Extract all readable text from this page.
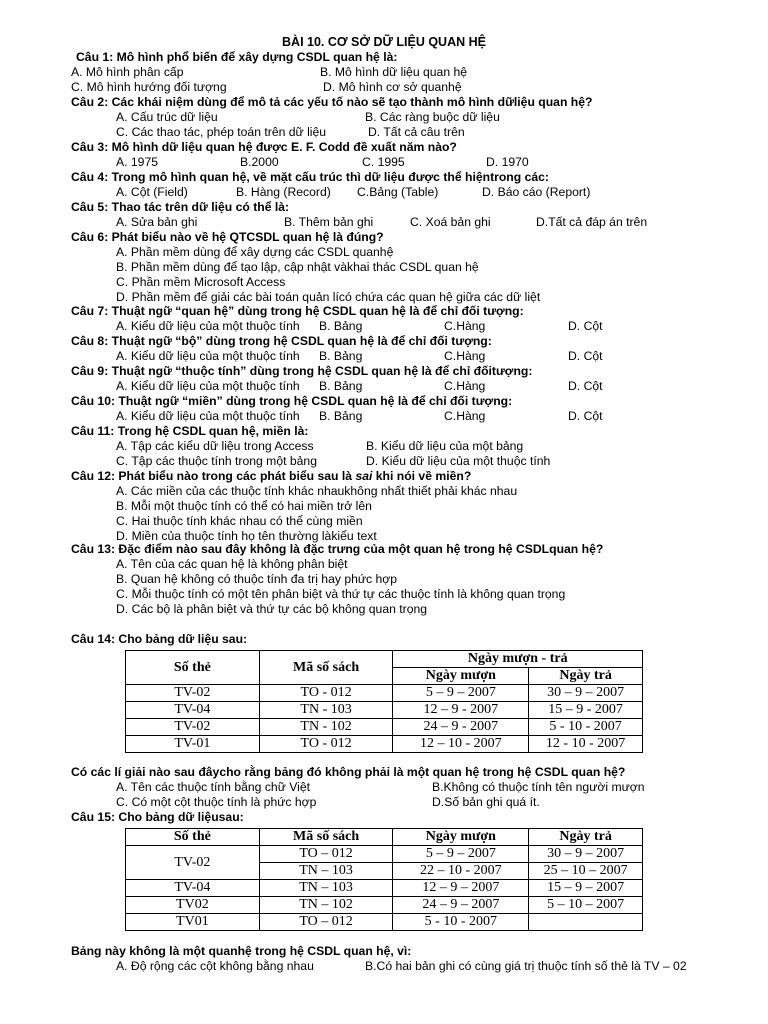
BÀI 10. CƠ SỞ DỮ LIỆU QUAN HỆ
Câu 1: Mô hình phổ biến để xây dựng CSDL quan hệ là:
A. Mô hình phân cấp	B. Mô hình dữ liệu quan hệ
C. Mô hình hướng đối tượng	D. Mô hình cơ sở quanhệ
Câu 2: Các khái niệm dùng để mô tả các yếu tố nào sẽ tạo thành mô hình dữliệu quan hệ?
A. Cấu trúc dữ liệu	B. Các ràng buộc dữ liệu
C. Các thao tác, phép toán trên dữ liệu	D. Tất cả câu trên
Câu 3: Mô hình dữ liệu quan hệ được E. F. Codd đề xuất năm nào?
A. 1975	B.2000	C. 1995	D. 1970
Câu 4: Trong mô hình quan hệ, về mặt cấu trúc thì dữ liệu được thể hiệntrong các:
A. Cột (Field)	B. Hàng (Record) C.Bảng (Table)	D. Báo cáo (Report)
Câu 5: Thao tác trên dữ liệu có thể là:
A. Sửa bản ghi	B. Thêm bản ghi	C. Xoá bản ghi	D.Tất cả đáp án trên
Câu 6: Phát biểu nào về hệ QTCSDL quan hệ là đúng?
A. Phần mềm dùng để xây dựng các CSDL quanhệ
B. Phần mềm dùng để tạo lập, cập nhật vàkhai thác CSDL quan hệ
C. Phần mềm Microsoft Access
D. Phần mềm để giải các bài toán quản lícó chứa các quan hệ giữa các dữ liệt
Câu 7: Thuật ngữ “quan hệ” dùng trong hệ CSDL quan hệ là để chỉ đối tượng:
A. Kiểu dữ liệu của một thuộc tính B. Bảng	C.Hàng	D. Cột
Câu 8: Thuật ngữ “bộ” dùng trong hệ CSDL quan hệ là để chỉ đối tượng:
A. Kiểu dữ liệu của một thuộc tính B. Bảng	C.Hàng	D. Cột
Câu 9: Thuật ngữ “thuộc tính” dùng trong hệ CSDL quan hệ là để chỉ đốitượng:
A. Kiểu dữ liệu của một thuộc tính B. Bảng	C.Hàng	D. Cột
Câu 10: Thuật ngữ “miền” dùng trong hệ CSDL quan hệ là để chỉ đối tượng:
A. Kiểu dữ liệu của một thuộc tính B. Bảng	C.Hàng	D. Cột
Câu 11: Trong hệ CSDL quan hệ, miền là:
A. Tập các kiểu dữ liệu trong Access	B. Kiểu dữ liệu của một bảng
C. Tập các thuộc tính trong một bảng	D. Kiểu dữ liệu của một thuộc tính
Câu 12: Phát biểu nào trong các phát biểu sau là sai khi nói về miền?
A. Các miền của các thuộc tính khác nhaukhông nhất thiết phải khác nhau
B. Mỗi một thuộc tính có thể có hai miền trở lên
C. Hai thuộc tính khác nhau có thể cùng miền
D. Miền của thuộc tính họ tên thường làkiểu text
Câu 13: Đặc điểm nào sau đây không là đặc trưng của một quan hệ trong hệ CSDLquan hệ?
A. Tên của các quan hệ là không phân biệt
B. Quan hệ không có thuộc tính đa trị hay phức hợp
C. Mỗi thuộc tính có một tên phân biệt và thứ tự các thuộc tính là không quan trọng
D. Các bộ là phân biệt và thứ tự các bộ không quan trọng
Câu 14: Cho bảng dữ liệu sau:
Số thẻ	Mã số sách	Ngày mượn - trả	
		Ngày mượn	Ngày trả
TV-02	TO - 012	5 – 9 – 2007	30 – 9 – 2007
TV-04	TN - 103	12 – 9 - 2007	15 – 9 - 2007
TV-02	TN - 102	24 – 9 - 2007	5 - 10 - 2007
TV-01	TO - 012	12 – 10 - 2007	12 - 10 - 2007
Có các lí giải nào sau đâycho rằng bảng đó không phải là một quan hệ trong hệ CSDL quan hệ?
A. Tên các thuộc tính bằng chữ Việt	B.Không có thuộc tính tên người mượn
C. Có một cột thuộc tính là phức hợp	D.Số bản ghi quá ít.
Câu 15: Cho bảng dữ liệusau:
Số thẻ	Mã số sách	Ngày mượn	Ngày trả
TV-02	TO – 012	5 – 9 – 2007	30 – 9 – 2007
	TN – 103	22 – 10 - 2007	25 – 10 – 2007
TV-04	TN – 103	12 – 9 – 2007	15 – 9 – 2007
TV02	TN – 102	24 – 9 – 2007	5 – 10 – 2007
TV01	TO – 012	5 - 10 - 2007	
Bảng này không là một quanhệ trong hệ CSDL quan hệ, vì:
A. Độ rộng các cột không bằng nhau	B.Có hai bản ghi có cùng giá trị thuộc tính số thẻ là TV – 02
